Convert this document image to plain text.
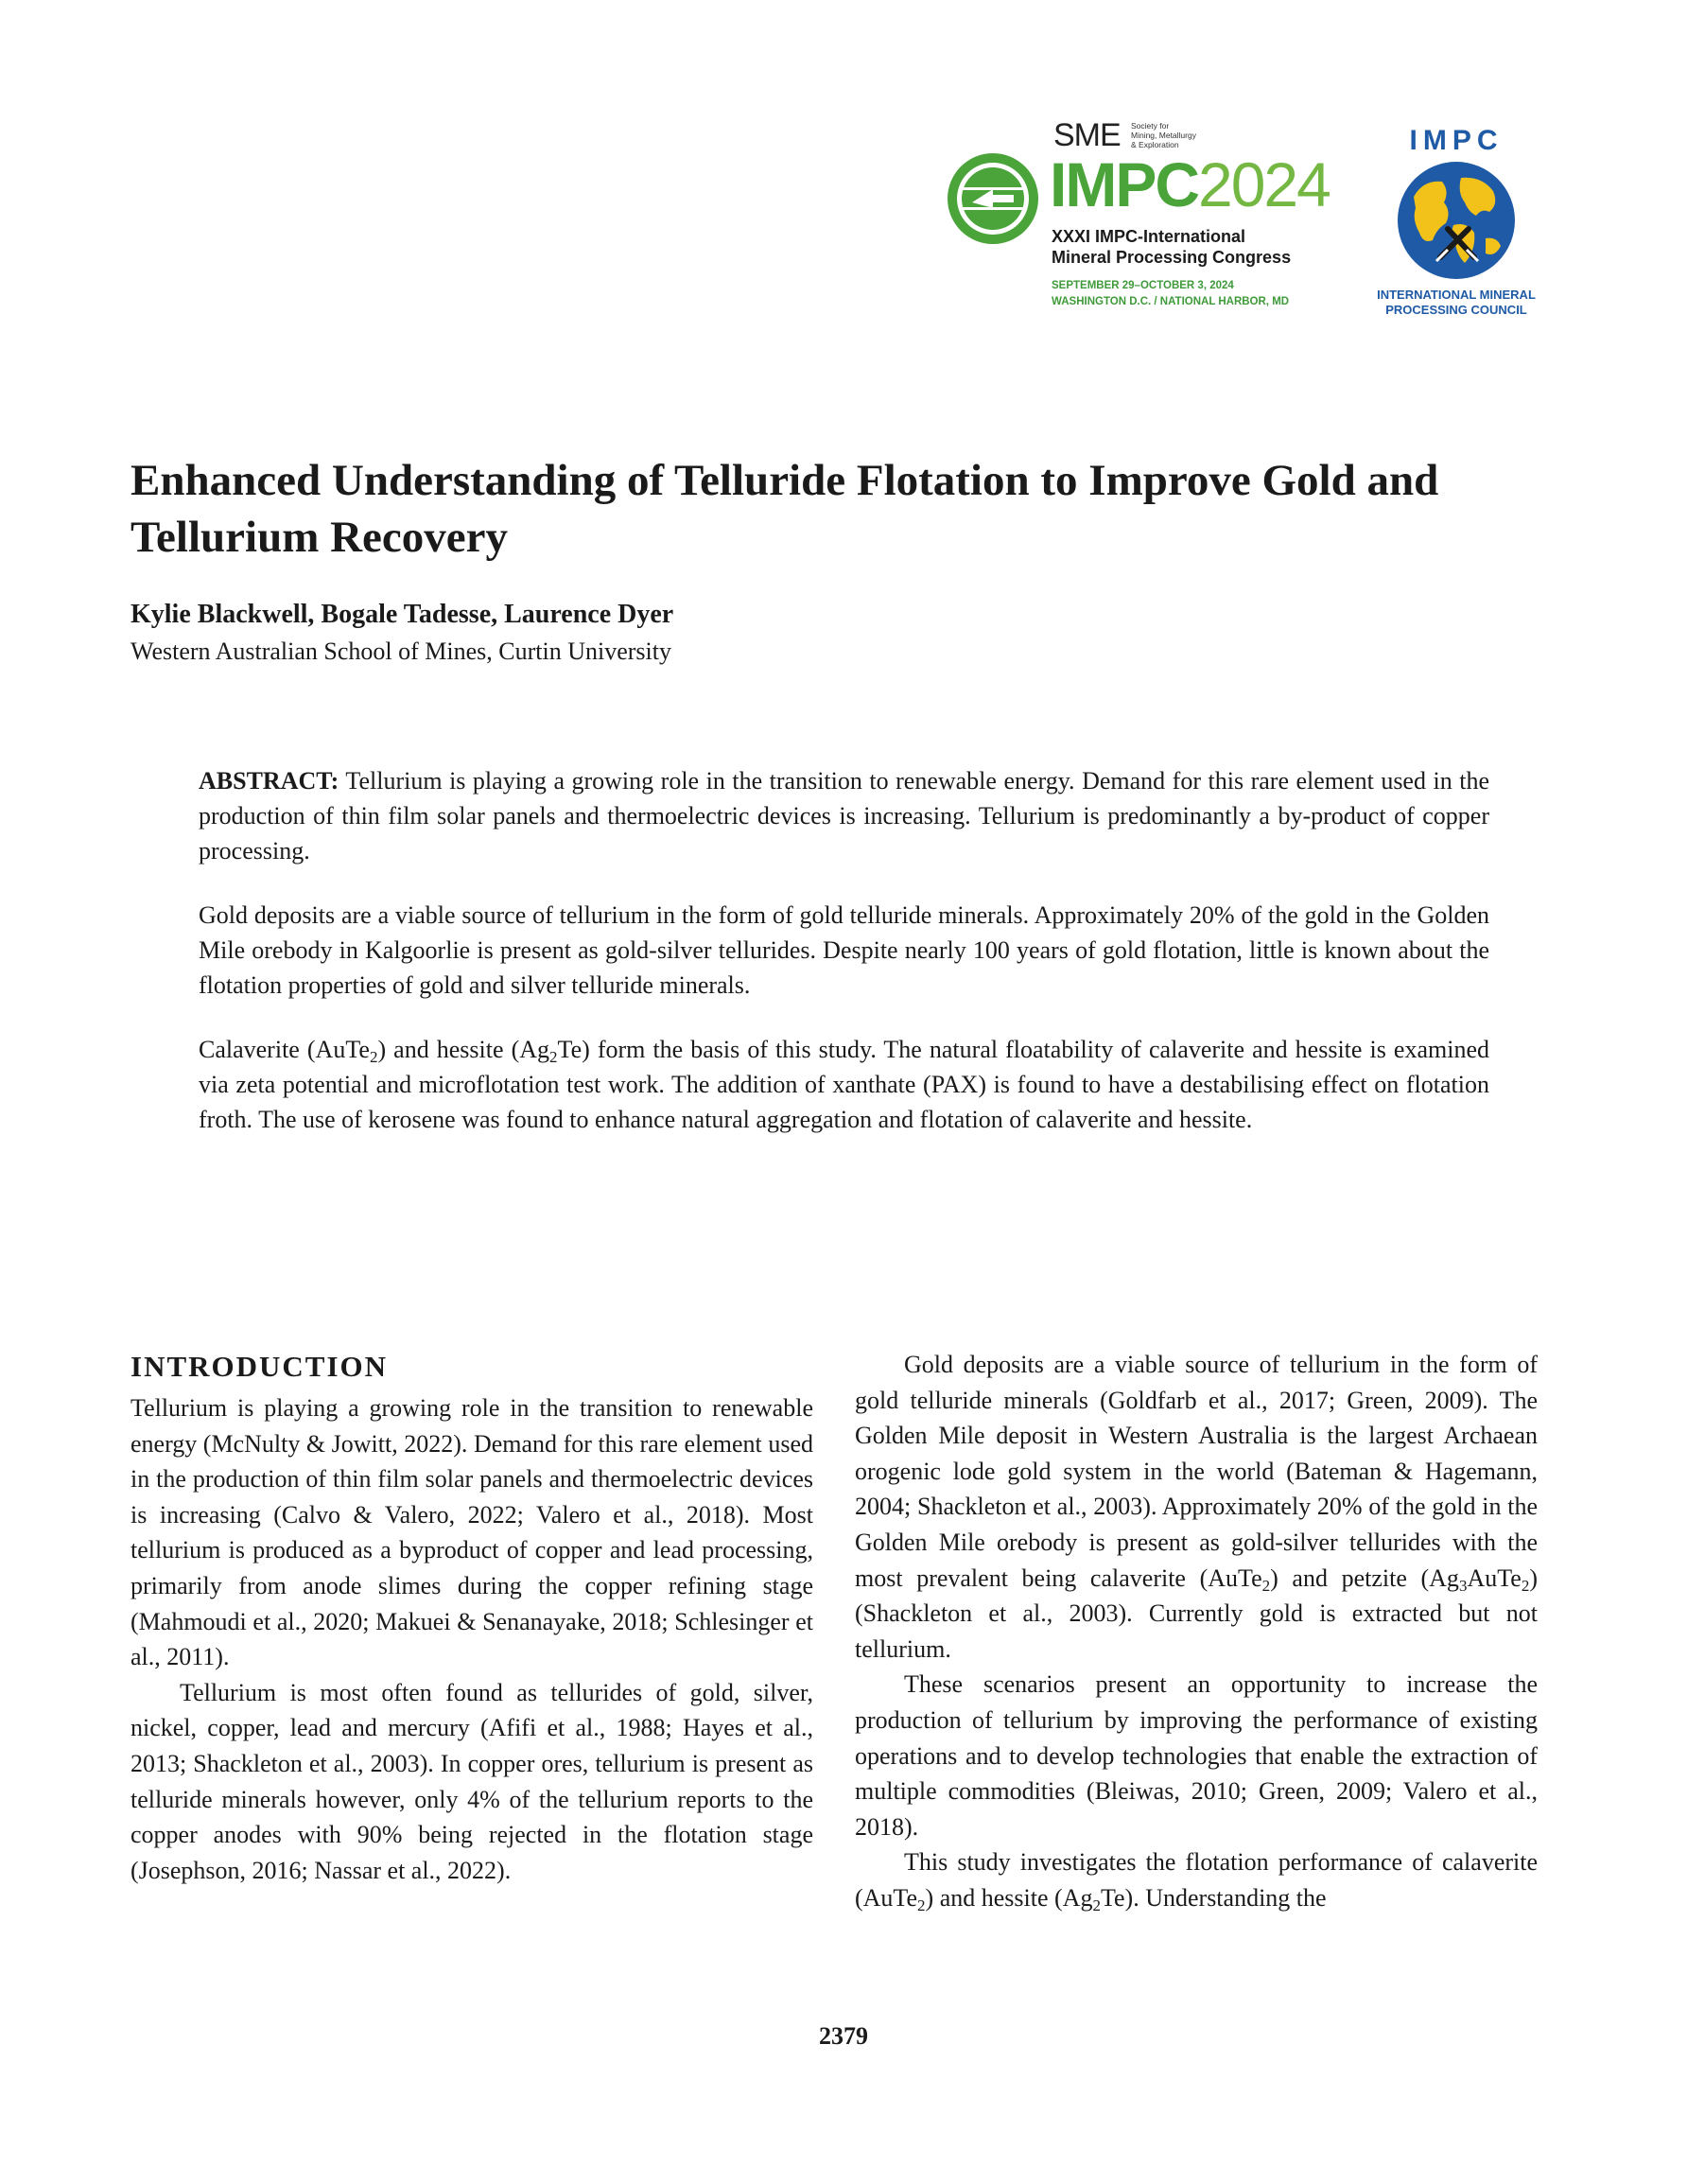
SME Society for
Mining, Metallurgy
& Exploration
IMPC2024
XXXI IMPC-International
Mineral Processing Congress
SEPTEMBER 29–OCTOBER 3, 2024
WASHINGTON D.C. / NATIONAL HARBOR, MD
IMPC
INTERNATIONAL MINERAL
PROCESSING COUNCIL
Enhanced Understanding of Telluride Flotation to Improve Gold and Tellurium Recovery
Kylie Blackwell, Bogale Tadesse, Laurence Dyer
Western Australian School of Mines, Curtin University

ABSTRACT: Tellurium is playing a growing role in the transition to renewable energy. Demand for this rare element used in the production of thin film solar panels and thermoelectric devices is increasing. Tellurium is predominantly a by-product of copper processing.

Gold deposits are a viable source of tellurium in the form of gold telluride minerals. Approximately 20% of the gold in the Golden Mile orebody in Kalgoorlie is present as gold-silver tellurides. Despite nearly 100 years of gold flotation, little is known about the flotation properties of gold and silver telluride minerals.

Calaverite (AuTe$_2$) and hessite $(Ag_2Te)$ form the basis of this study. The natural floatability of calaverite and hessite is examined via zeta potential and microflotation test work. The addition of xanthate (PAX) is found to have a destabilising effect on flotation froth. The use of kerosene was found to enhance natural aggregation and flotation of calaverite and hessite.

INTRODUCTION

Tellurium is playing a growing role in the transition to renewable energy (McNulty & Jowitt, 2022). Demand for this rare element used in the production of thin film solar panels and thermoelectric devices is increasing (Calvo & Valero, 2022; Valero et al., 2018). Most tellurium is produced as a byproduct of copper and lead processing, primarily from anode slimes during the copper refining stage (Mahmoudi et al., 2020; Makuei & Senanayake, 2018; Schlesinger et al., 2011).

Tellurium is most often found as tellurides of gold, silver, nickel, copper, lead and mercury (Afifi et al., 1988; Hayes et al., 2013; Shackleton et al., 2003). In copper ores, tellurium is present as telluride minerals however, only 4% of the tellurium reports to the copper anodes with 90% being rejected in the flotation stage (Josephson, 2016; Nassar et al., 2022).

Gold deposits are a viable source of tellurium in the form of gold telluride minerals (Goldfarb et al., 2017; Green, 2009). The Golden Mile deposit in Western Australia is the largest Archaean orogenic lode gold system in the world (Bateman & Hagemann, 2004; Shackleton et al., 2003). Approximately 20% of the gold in the Golden Mile orebody is present as gold-silver tellurides with the most prevalent being calaverite (AuTe$_2$) and petzite $(Ag_3AuTe_2)$ (Shackleton et al., 2003). Currently gold is extracted but not tellurium.

These scenarios present an opportunity to increase the production of tellurium by improving the performance of existing operations and to develop technologies that enable the extraction of multiple commodities (Bleiwas, 2010; Green, 2009; Valero et al., 2018).

This study investigates the flotation performance of calaverite (AuTe$_2$) and hessite $(Ag_2Te)$. Understanding the

2379
